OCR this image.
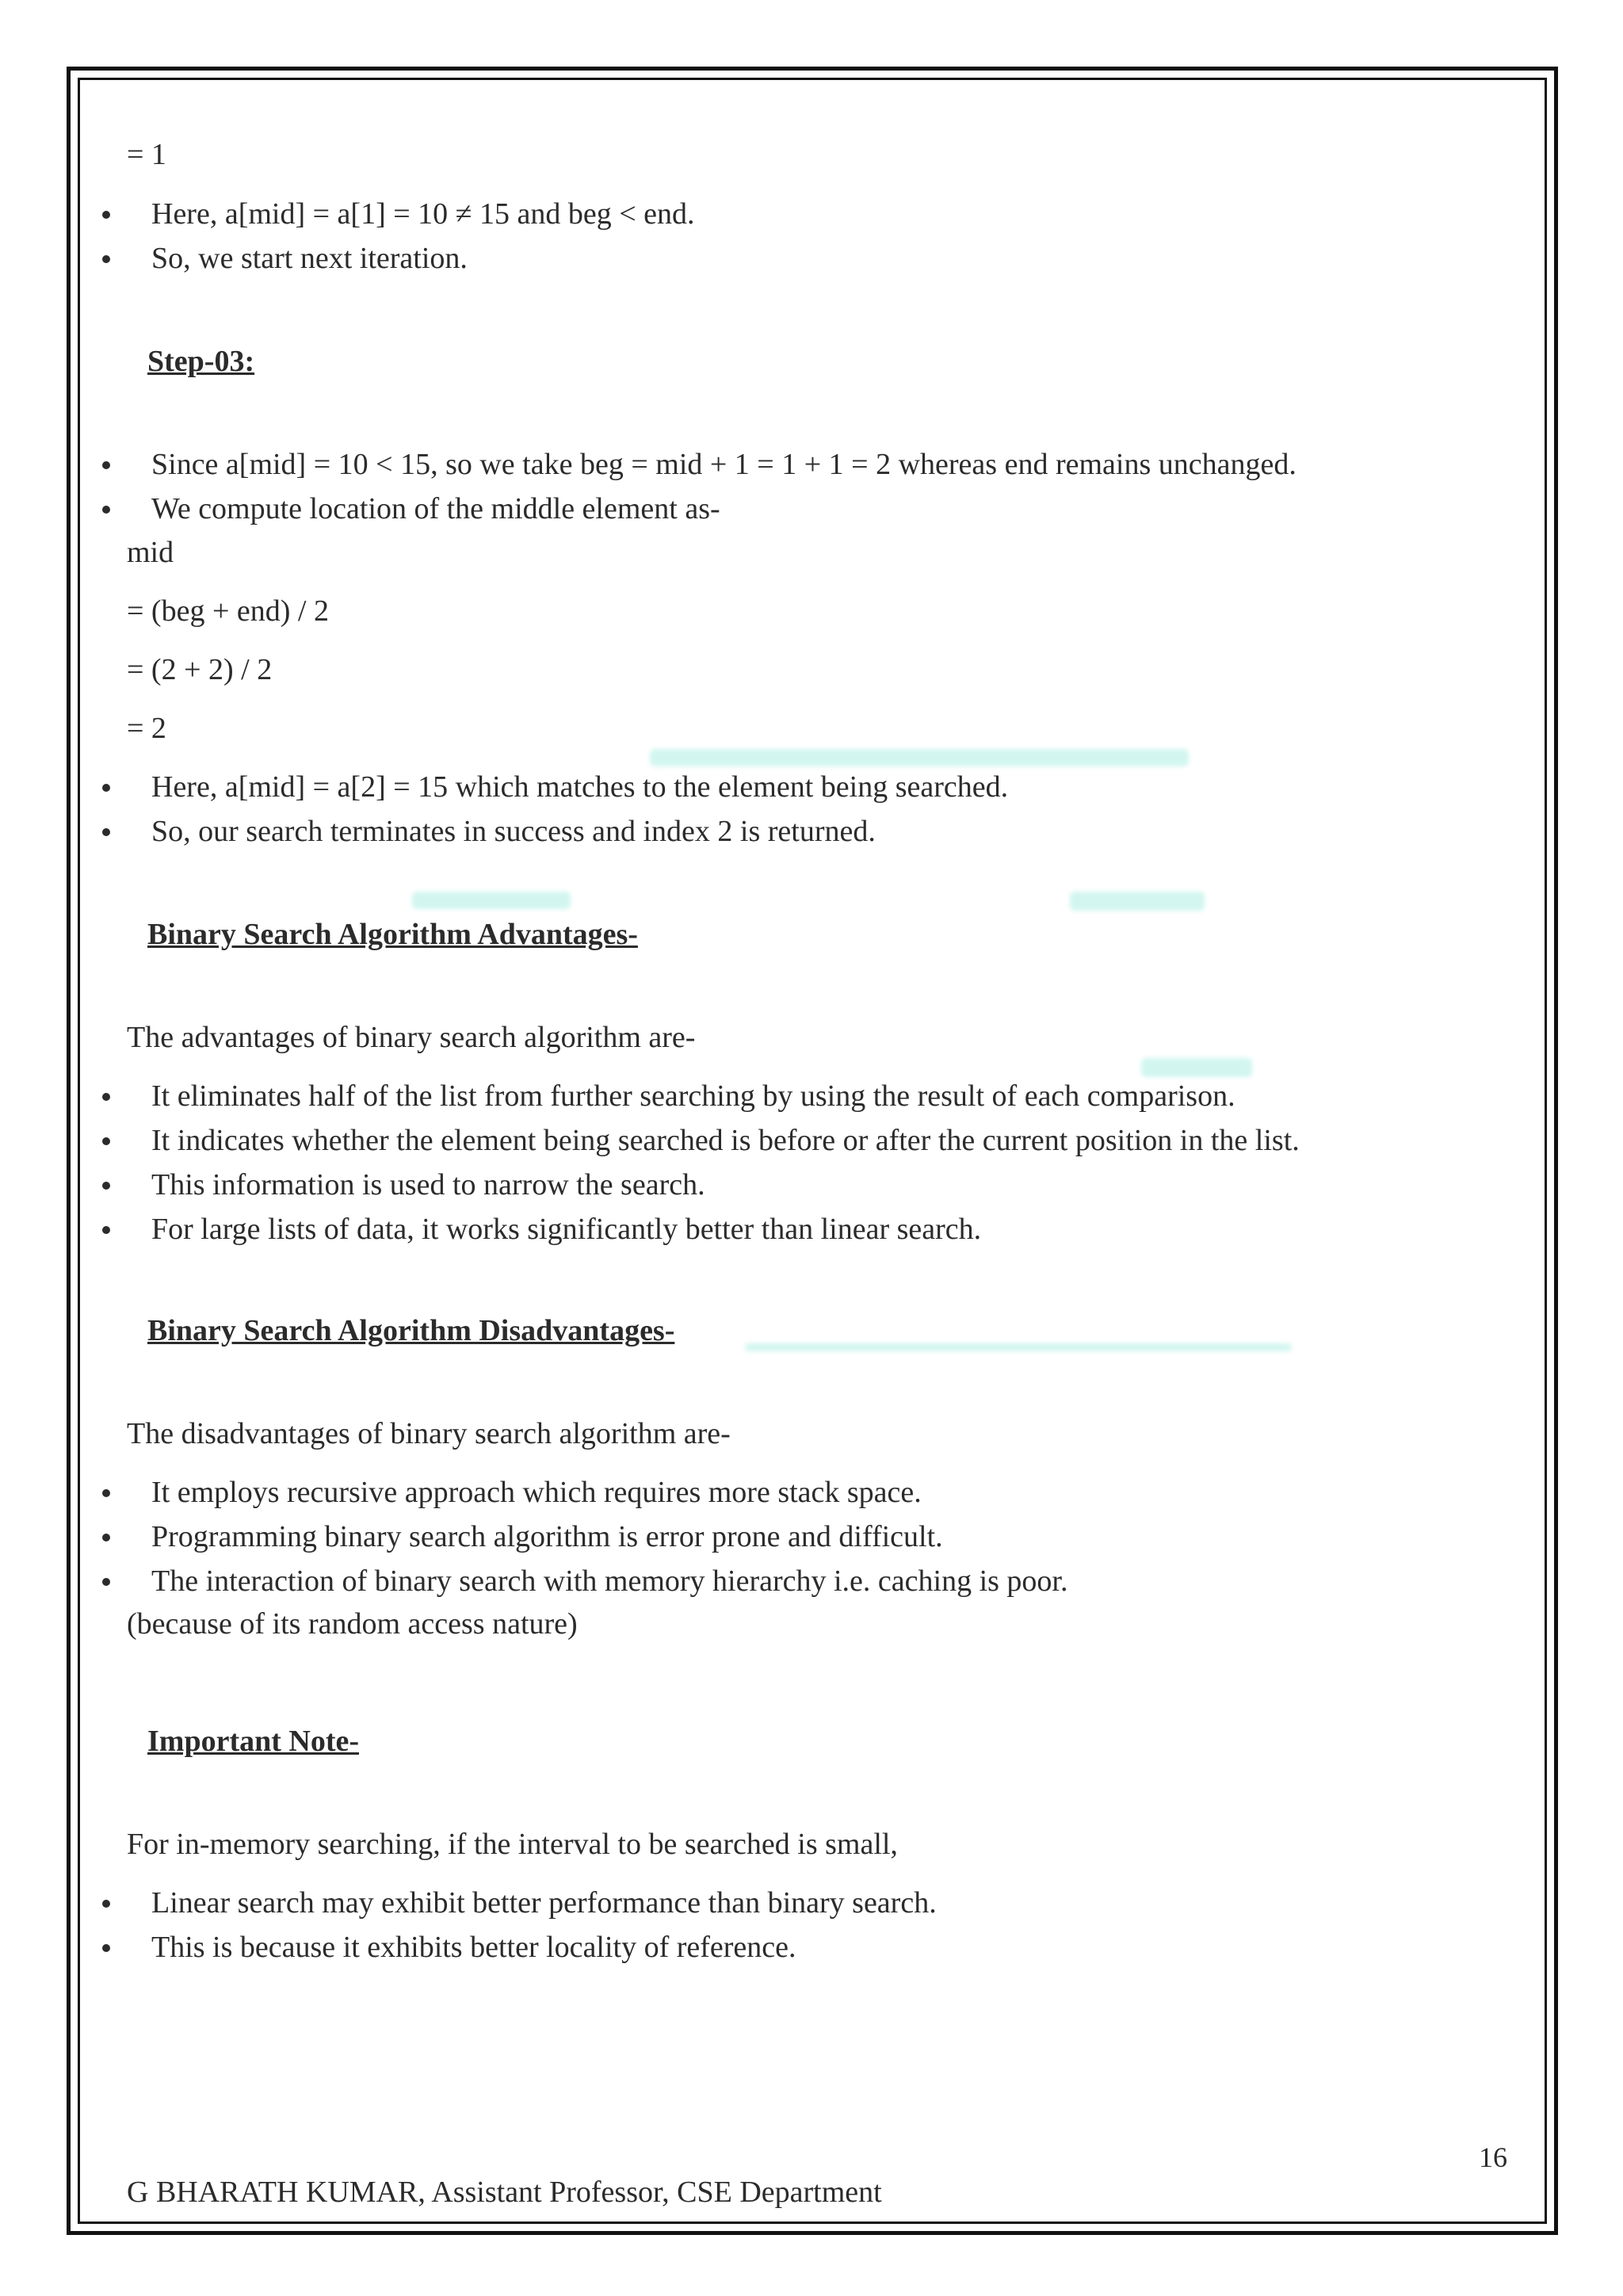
= 1
Here, a[mid] = a[1] = 10 ≠ 15 and beg < end.
So, we start next iteration.
Step-03:
Since a[mid] = 10 < 15, so we take beg = mid + 1 = 1 + 1 = 2 whereas end remains unchanged.
We compute location of the middle element as-
mid
= (beg + end) / 2
= (2 + 2) / 2
= 2
Here, a[mid] = a[2] = 15 which matches to the element being searched.
So, our search terminates in success and index 2 is returned.
Binary Search Algorithm Advantages-
The advantages of binary search algorithm are-
It eliminates half of the list from further searching by using the result of each comparison.
It indicates whether the element being searched is before or after the current position in the list.
This information is used to narrow the search.
For large lists of data, it works significantly better than linear search.
Binary Search Algorithm Disadvantages-
The disadvantages of binary search algorithm are-
It employs recursive approach which requires more stack space.
Programming binary search algorithm is error prone and difficult.
The interaction of binary search with memory hierarchy i.e. caching is poor.
(because of its random access nature)
Important Note-
For in-memory searching, if the interval to be searched is small,
Linear search may exhibit better performance than binary search.
This is because it exhibits better locality of reference.
16
G BHARATH KUMAR, Assistant Professor, CSE Department
